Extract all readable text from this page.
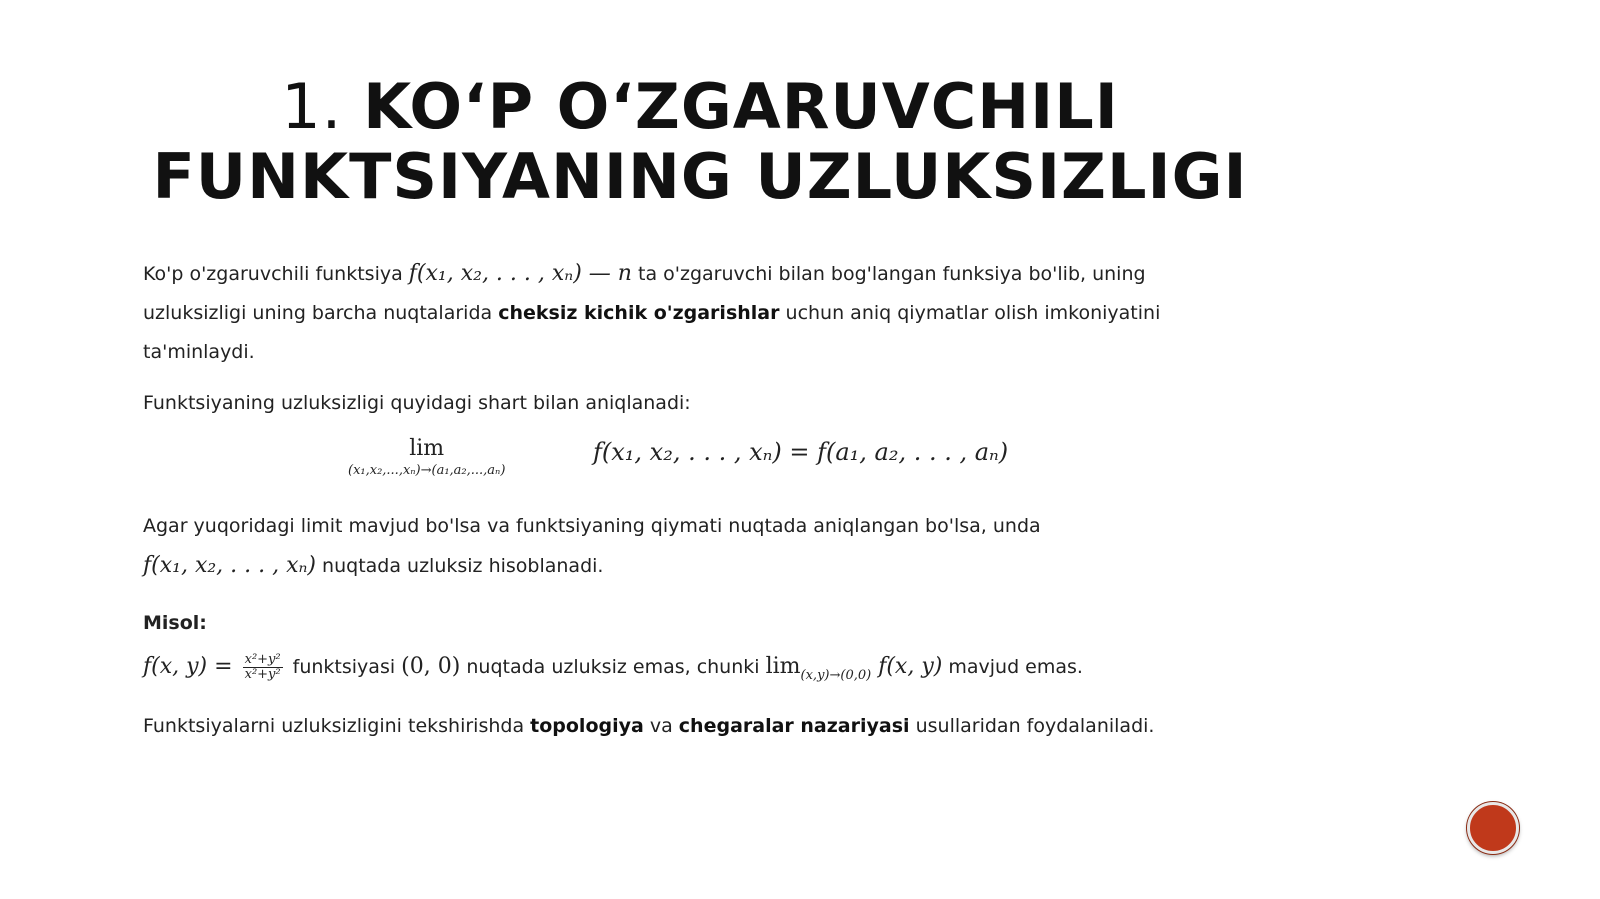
1. KO‘P O‘ZGARUVCHILI
FUNKTSIYANING UZLUKSIZLIGI

Ko'p o'zgaruvchili funktsiya f(x₁, x₂, . . . , xₙ) — n ta o'zgaruvchi bilan bog'langan funksiya bo'lib, uning uzluksizligi uning barcha nuqtalarida cheksiz kichik o'zgarishlar uchun aniq qiymatlar olish imkoniyatini ta'minlaydi.

Funktsiyaning uzluksizligi quyidagi shart bilan aniqlanadi:

lim
(x₁,x₂,...,xₙ)→(a₁,a₂,...,aₙ)
f(x₁, x₂, . . . , xₙ) = f(a₁, a₂, . . . , aₙ)

Agar yuqoridagi limit mavjud bo'lsa va funktsiyaning qiymati nuqtada aniqlangan bo'lsa, unda
f(x₁, x₂, . . . , xₙ) nuqtada uzluksiz hisoblanadi.

Misol:

f(x, $y) = \frac{\text{x²+y²}}{\text{x²+y²}}$ funktsiyasi (0, 0) nuqtada uzluksiz emas, chunki $\lim_{(x,y)\to(0,0)} f(x$, y) mavjud emas.

Funktsiyalarni uzluksizligini tekshirishda topologiya va chegaralar nazariyasi usullaridan foydalaniladi.
